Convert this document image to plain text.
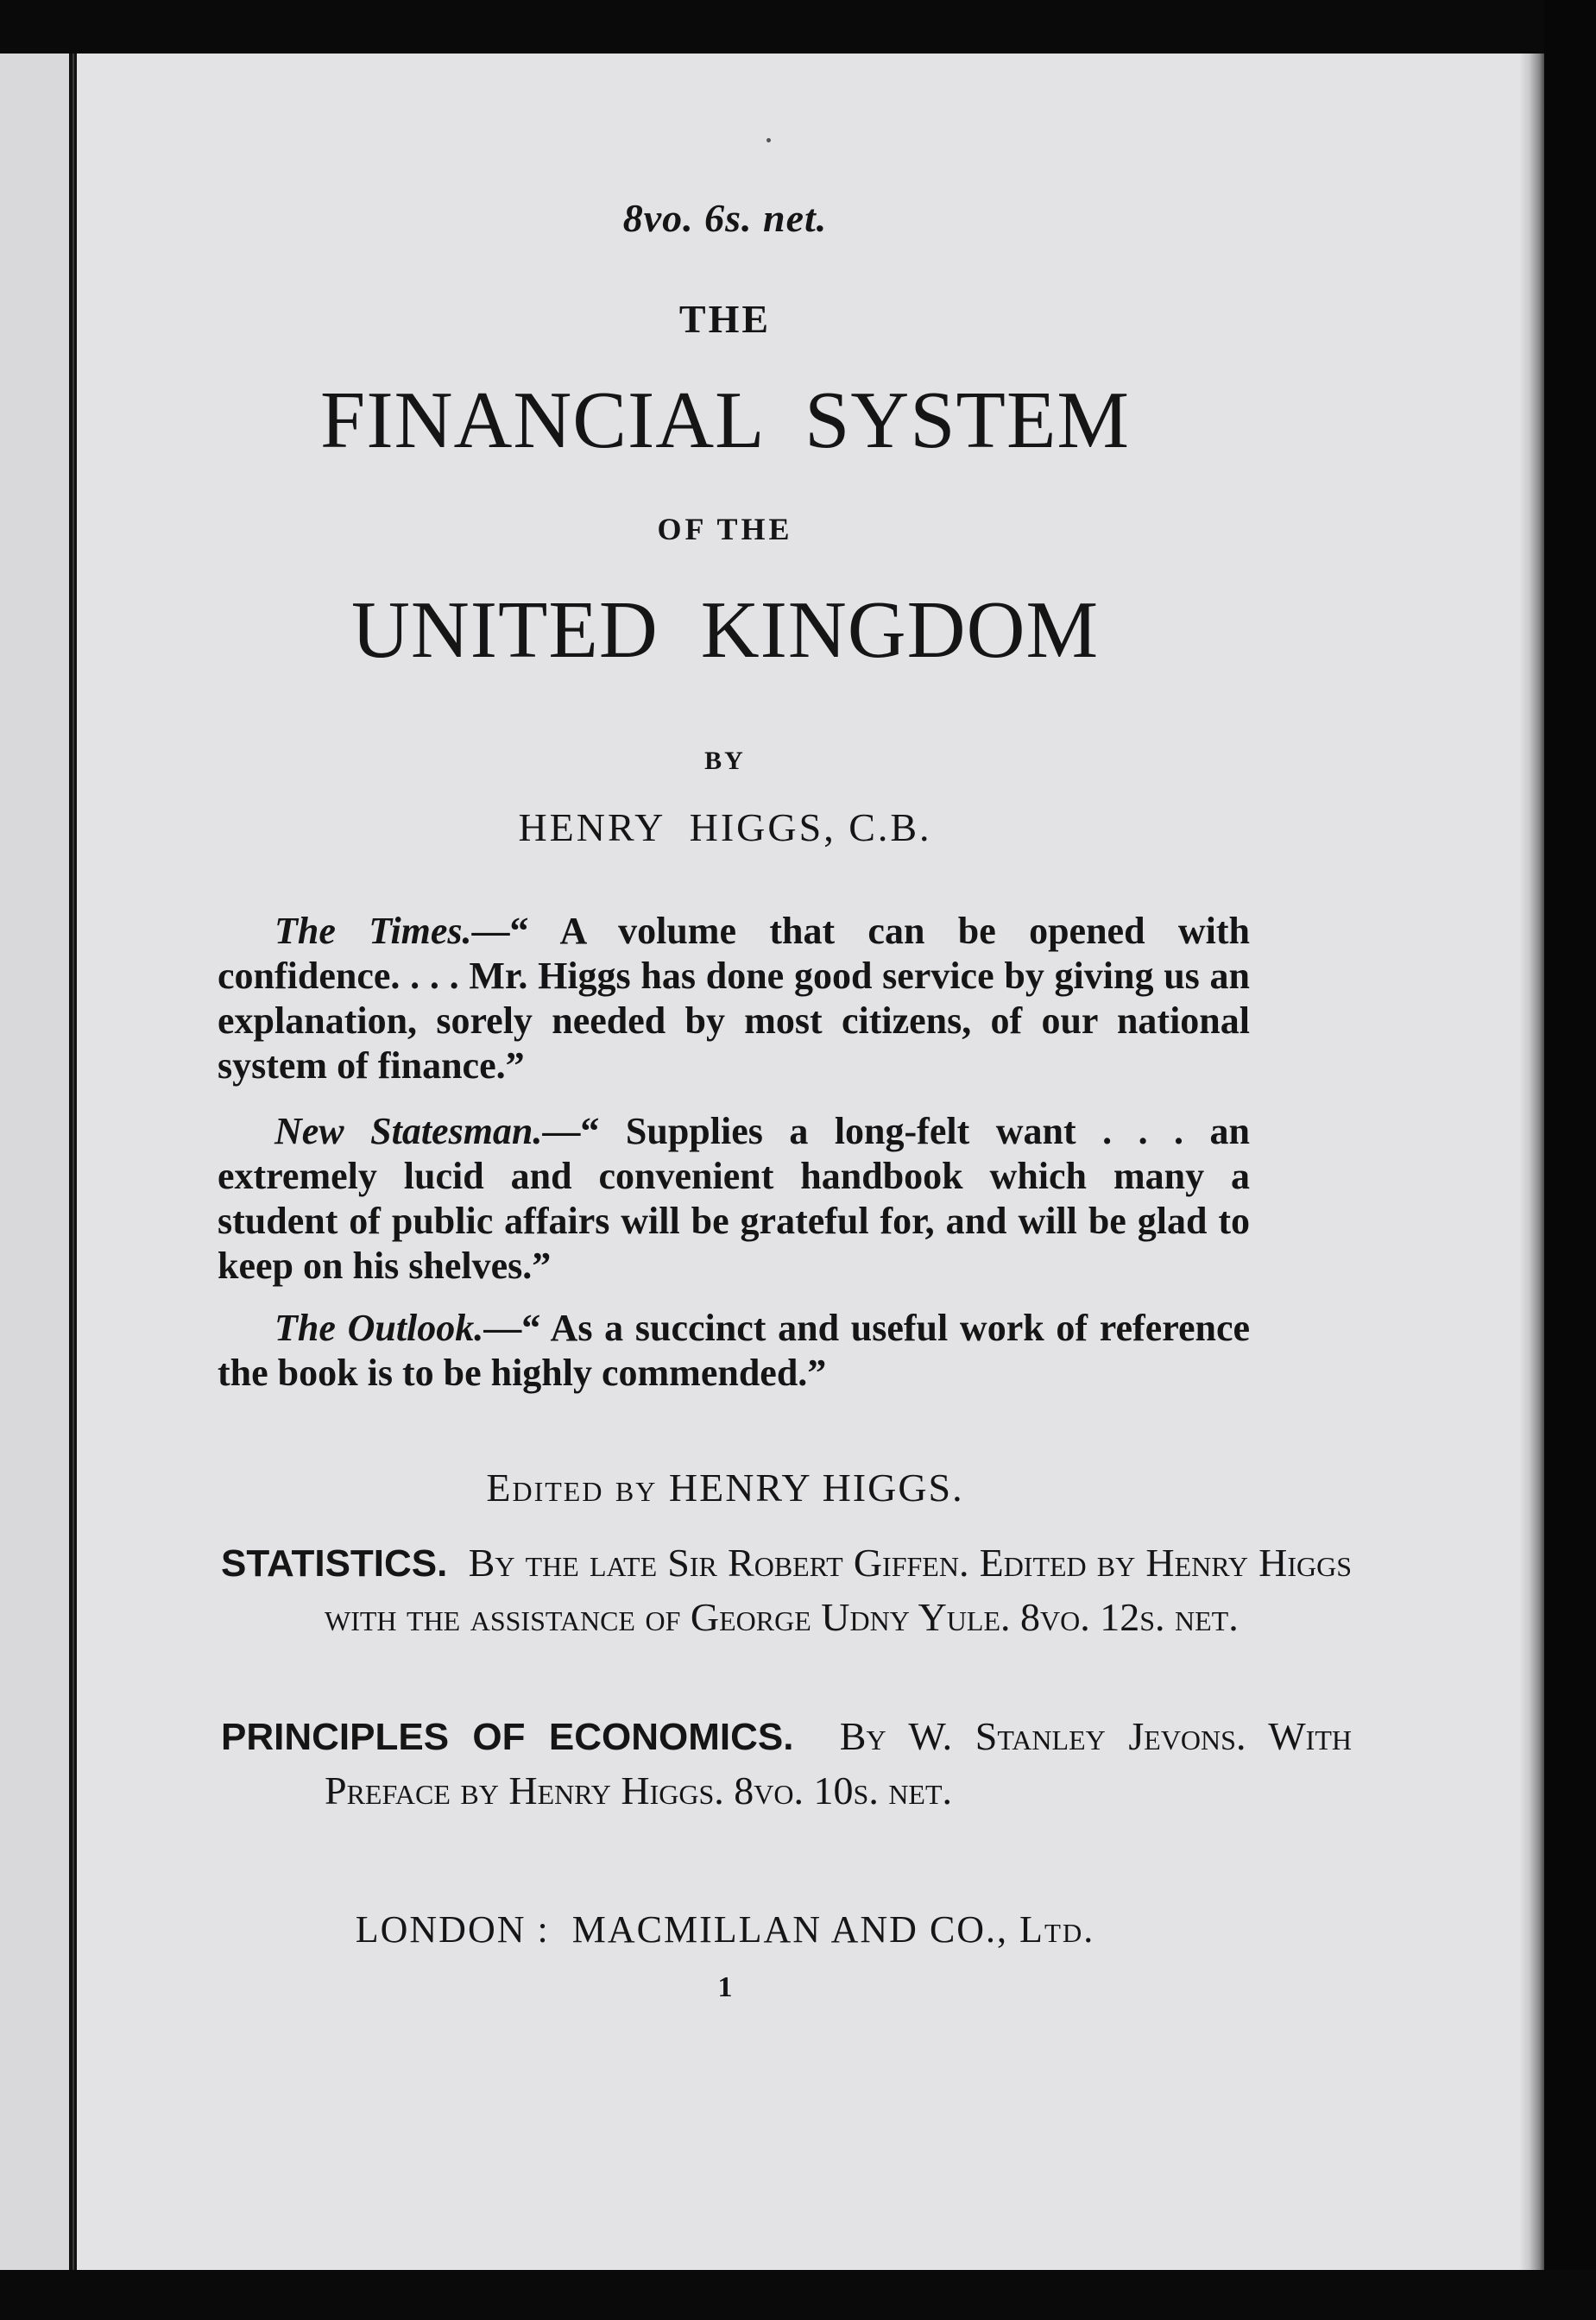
8vo. 6s. net.
THE
FINANCIAL  SYSTEM
OF THE
UNITED  KINGDOM
BY
HENRY  HIGGS, C.B.

The Times.—“ A volume that can be opened with confidence. . . . Mr. Higgs has done good service by giving us an explanation, sorely needed by most citizens, of our national system of finance.”

New Statesman.—“ Supplies a long-felt want . . . an extremely lucid and convenient handbook which many a student of public affairs will be grateful for, and will be glad to keep on his shelves.”

The Outlook.—“ As a succinct and useful work of reference the book is to be highly commended.”

Edited by HENRY HIGGS.
STATISTICS. By the late Sir Robert Giffen. Edited by Henry Higgs with the assistance of George Udny Yule. 8vo. 12s. net.
PRINCIPLES OF ECONOMICS. By W. Stanley Jevons. With Preface by Henry Higgs. 8vo. 10s. net.
LONDON :  MACMILLAN AND CO., Ltd.
1
